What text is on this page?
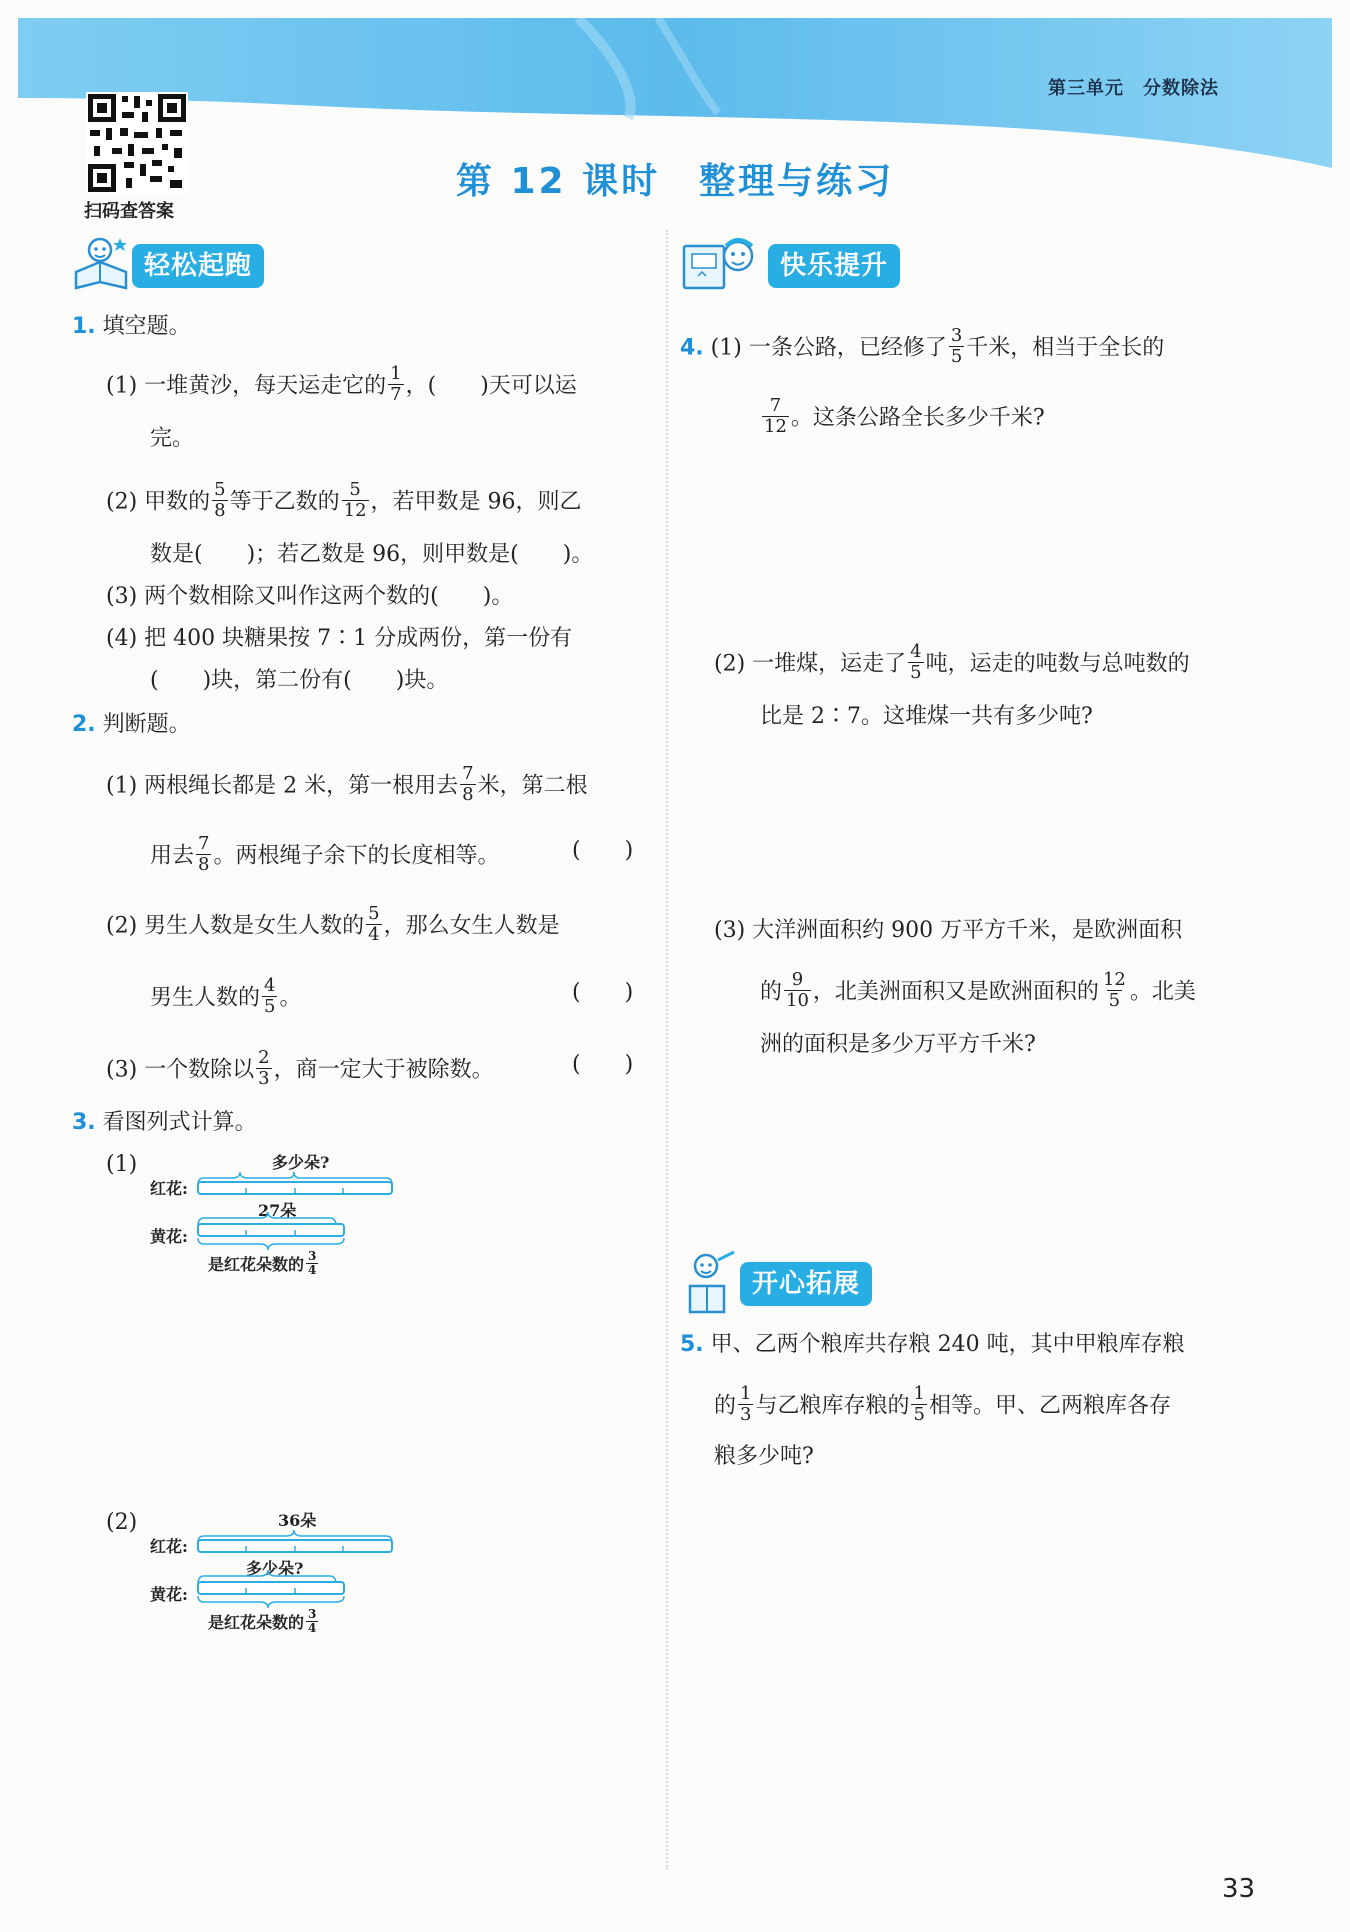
第三单元　分数除法
扫码查答案
第 12 课时　整理与练习
轻松起跑
1. 填空题。
(1) 一堆黄沙，每天运走它的 $\frac{1}{7}$ ，(　　)天可以运
完。
(2) 甲数的 $\frac{5}{8}$ 等于乙数的 $\frac{5}{12}$ ，若甲数是 96，则乙
数是(　　)；若乙数是 96，则甲数是(　　)。
(3) 两个数相除又叫作这两个数的(　　)。
(4) 把 400 块糖果按 7∶1 分成两份，第一份有
(　　)块，第二份有(　　)块。
2. 判断题。
(1) 两根绳长都是 2 米，第一根用去 $\frac{7}{8}$ 米，第二根
用去 $\frac{7}{8}$ 。两根绳子余下的长度相等。	(　　)
(2) 男生人数是女生人数的 $\frac{5}{4}$ ，那么女生人数是
男生人数的 $\frac{4}{5}$ 。	(　　)
(3) 一个数除以 $\frac{2}{3}$ ，商一定大于被除数。	(　　)
3. 看图列式计算。
(1)	多少朵?
红花:
27朵
黄花:
是红花朵数的 $\frac{3}{4}$
(2)	36朵
红花:
多少朵?
黄花:
是红花朵数的 $\frac{3}{4}$
快乐提升
4. (1) 一条公路，已经修了 $\frac{3}{5}$ 千米，相当于全长的
$\frac{7}{12}$ 。这条公路全长多少千米?
(2) 一堆煤，运走了 $\frac{4}{5}$ 吨，运走的吨数与总吨数的
比是 2∶7。这堆煤一共有多少吨?
(3) 大洋洲面积约 900 万平方千米，是欧洲面积
的 $\frac{9}{10}$ ，北美洲面积又是欧洲面积的 $\frac{12}{5}$ 。北美
洲的面积是多少万平方千米?
开心拓展
5. 甲、乙两个粮库共存粮 240 吨，其中甲粮库存粮
的 $\frac{1}{3}$ 与乙粮库存粮的 $\frac{1}{5}$ 相等。甲、乙两粮库各存
粮多少吨?
33
